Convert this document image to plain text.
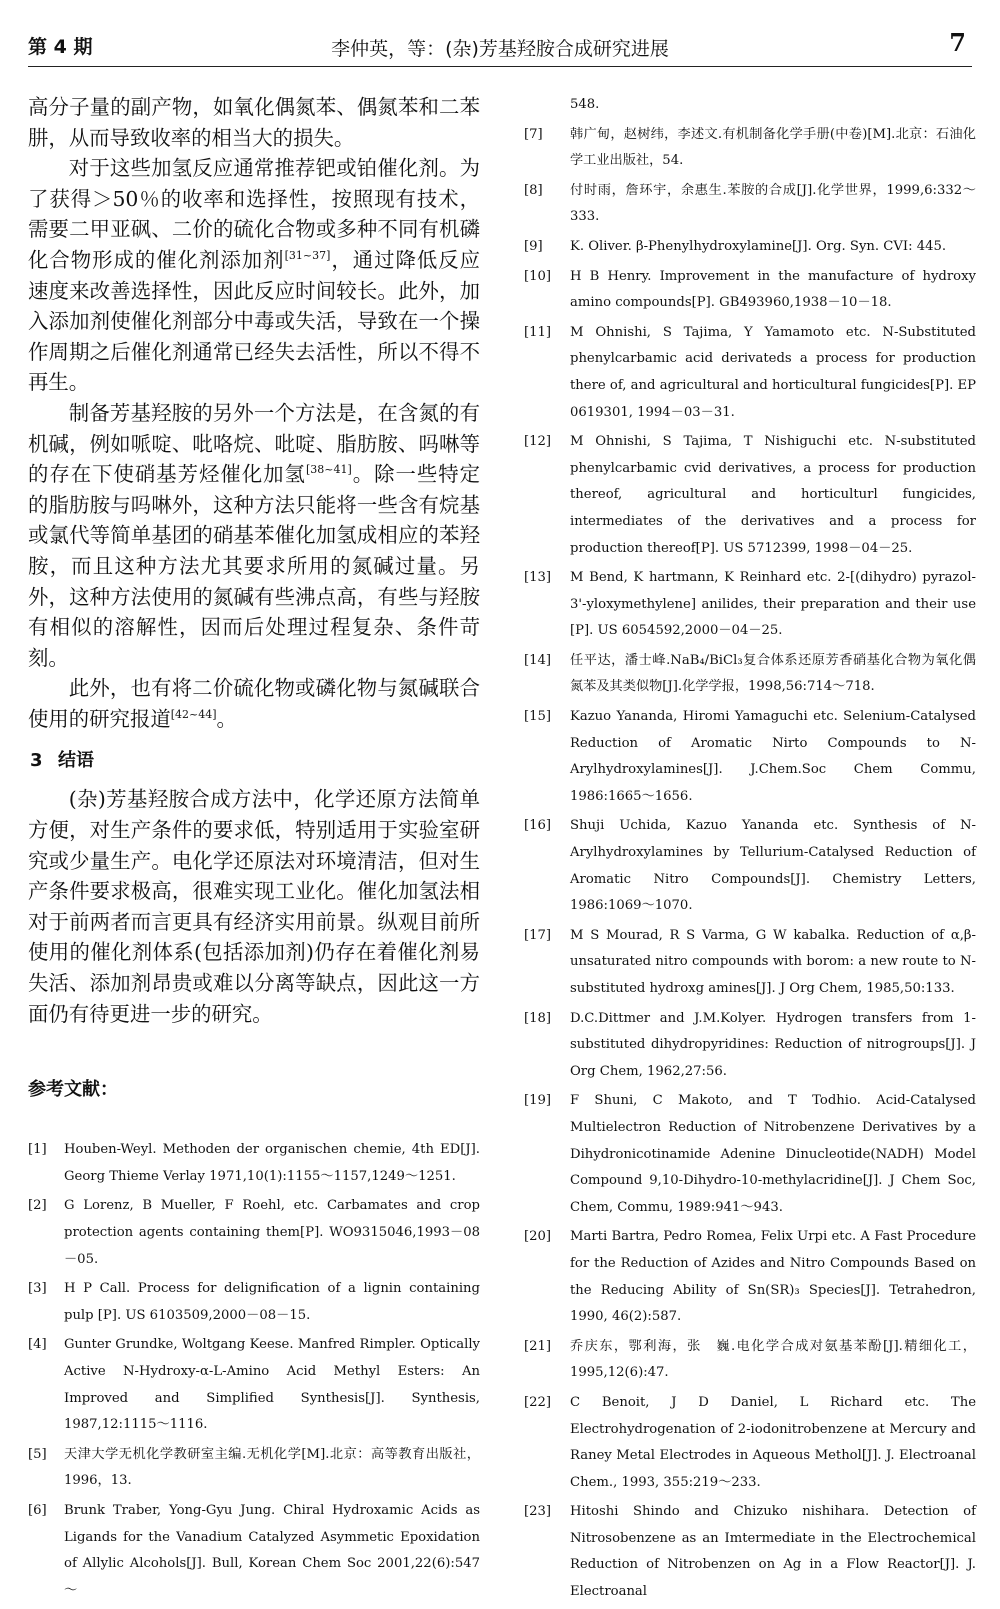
第 4 期	李仲英，等：(杂)芳基羟胺合成研究进展	7

高分子量的副产物，如氧化偶氮苯、偶氮苯和二苯肼，从而导致收率的相当大的损失。

对于这些加氢反应通常推荐钯或铂催化剂。为了获得＞50％的收率和选择性，按照现有技术，需要二甲亚砜、二价的硫化合物或多种不同有机磷化合物形成的催化剂添加剂[31~37]，通过降低反应速度来改善选择性，因此反应时间较长。此外，加入添加剂使催化剂部分中毒或失活，导致在一个操作周期之后催化剂通常已经失去活性，所以不得不再生。

制备芳基羟胺的另外一个方法是，在含氮的有机碱，例如哌啶、吡咯烷、吡啶、脂肪胺、吗啉等的存在下使硝基芳烃催化加氢[38~41]。除一些特定的脂肪胺与吗啉外，这种方法只能将一些含有烷基或氯代等简单基团的硝基苯催化加氢成相应的苯羟胺，而且这种方法尤其要求所用的氮碱过量。另外，这种方法使用的氮碱有些沸点高，有些与羟胺有相似的溶解性，因而后处理过程复杂、条件苛刻。

此外，也有将二价硫化物或磷化物与氮碱联合使用的研究报道[42~44]。

3 结语

(杂)芳基羟胺合成方法中，化学还原方法简单方便，对生产条件的要求低，特别适用于实验室研究或少量生产。电化学还原法对环境清洁，但对生产条件要求极高，很难实现工业化。催化加氢法相对于前两者而言更具有经济实用前景。纵观目前所使用的催化剂体系(包括添加剂)仍存在着催化剂易失活、添加剂昂贵或难以分离等缺点，因此这一方面仍有待更进一步的研究。

参考文献：
[1] Houben-Weyl. Methoden der organischen chemie, 4th ED[J]. Georg Thieme Verlay 1971,10(1):1155～1157,1249～1251.
[2] G Lorenz, B Mueller, F Roehl, etc. Carbamates and crop protection agents containing them[P]. WO9315046,1993－08－05.
[3] H P Call. Process for delignification of a lignin containing pulp [P]. US 6103509,2000－08－15.
[4] Gunter Grundke, Woltgang Keese. Manfred Rimpler. Optically Active N-Hydroxy-α-L-Amino Acid Methyl Esters: An Improved and Simplified Synthesis[J]. Synthesis, 1987,12:1115～1116.
[5] 天津大学无机化学教研室主编.无机化学[M].北京：高等教育出版社，1996，13.
[6] Brunk Traber, Yong-Gyu Jung. Chiral Hydroxamic Acids as Ligands for the Vanadium Catalyzed Asymmetic Epoxidation of Allylic Alcohols[J]. Bull, Korean Chem Soc 2001,22(6):547～
548.
[7] 韩广甸，赵树纬，李述文.有机制备化学手册(中卷)[M].北京：石油化学工业出版社，54.
[8] 付时雨，詹环宇，余惠生.苯胺的合成[J].化学世界，1999,6:332～333.
[9] K. Oliver. β-Phenylhydroxylamine[J]. Org. Syn. CVI: 445.
[10] H B Henry. Improvement in the manufacture of hydroxy amino compounds[P]. GB493960,1938－10－18.
[11] M Ohnishi, S Tajima, Y Yamamoto etc. N-Substituted phenylcarbamic acid derivateds a process for production there of, and agricultural and horticultural fungicides[P]. EP 0619301, 1994－03－31.
[12] M Ohnishi, S Tajima, T Nishiguchi etc. N-substituted phenylcarbamic cvid derivatives, a process for production thereof, agricultural and horticulturl fungicides, intermediates of the derivatives and a process for production thereof[P]. US 5712399, 1998－04－25.
[13] M Bend, K hartmann, K Reinhard etc. 2-[(dihydro) pyrazol-3'-yloxymethylene] anilides, their preparation and their use [P]. US 6054592,2000－04－25.
[14] 任平达，潘士峰.NaB₄/BiCl₃复合体系还原芳香硝基化合物为氧化偶氮苯及其类似物[J].化学学报，1998,56:714～718.
[15] Kazuo Yananda, Hiromi Yamaguchi etc. Selenium-Catalysed Reduction of Aromatic Nirto Compounds to N-Arylhydroxylamines[J]. J.Chem.Soc Chem Commu, 1986:1665～1656.
[16] Shuji Uchida, Kazuo Yananda etc. Synthesis of N-Arylhydroxylamines by Tellurium-Catalysed Reduction of Aromatic Nitro Compounds[J]. Chemistry Letters, 1986:1069～1070.
[17] M S Mourad, R S Varma, G W kabalka. Reduction of α,β-unsaturated nitro compounds with borom: a new route to N-substituted hydroxg amines[J]. J Org Chem, 1985,50:133.
[18] D.C.Dittmer and J.M.Kolyer. Hydrogen transfers from 1-substituted dihydropyridines: Reduction of nitrogroups[J]. J Org Chem, 1962,27:56.
[19] F Shuni, C Makoto, and T Todhio. Acid-Catalysed Multielectron Reduction of Nitrobenzene Derivatives by a Dihydronicotinamide Adenine Dinucleotide(NADH) Model Compound 9,10-Dihydro-10-methylacridine[J]. J Chem Soc, Chem, Commu, 1989:941～943.
[20] Marti Bartra, Pedro Romea, Felix Urpi etc. A Fast Procedure for the Reduction of Azides and Nitro Compounds Based on the Reducing Ability of Sn(SR)₃ Species[J]. Tetrahedron, 1990, 46(2):587.
[21] 乔庆东，鄂利海，张　巍.电化学合成对氨基苯酚[J].精细化工，1995,12(6):47.
[22] C Benoit, J D Daniel, L Richard etc. The Electrohydrogenation of 2-iodonitrobenzene at Mercury and Raney Metal Electrodes in Aqueous Methol[J]. J. Electroanal Chem., 1993, 355:219～233.
[23] Hitoshi Shindo and Chizuko nishihara. Detection of Nitrosobenzene as an Imtermediate in the Electrochemical Reduction of Nitrobenzen on Ag in a Flow Reactor[J]. J. Electroanal
